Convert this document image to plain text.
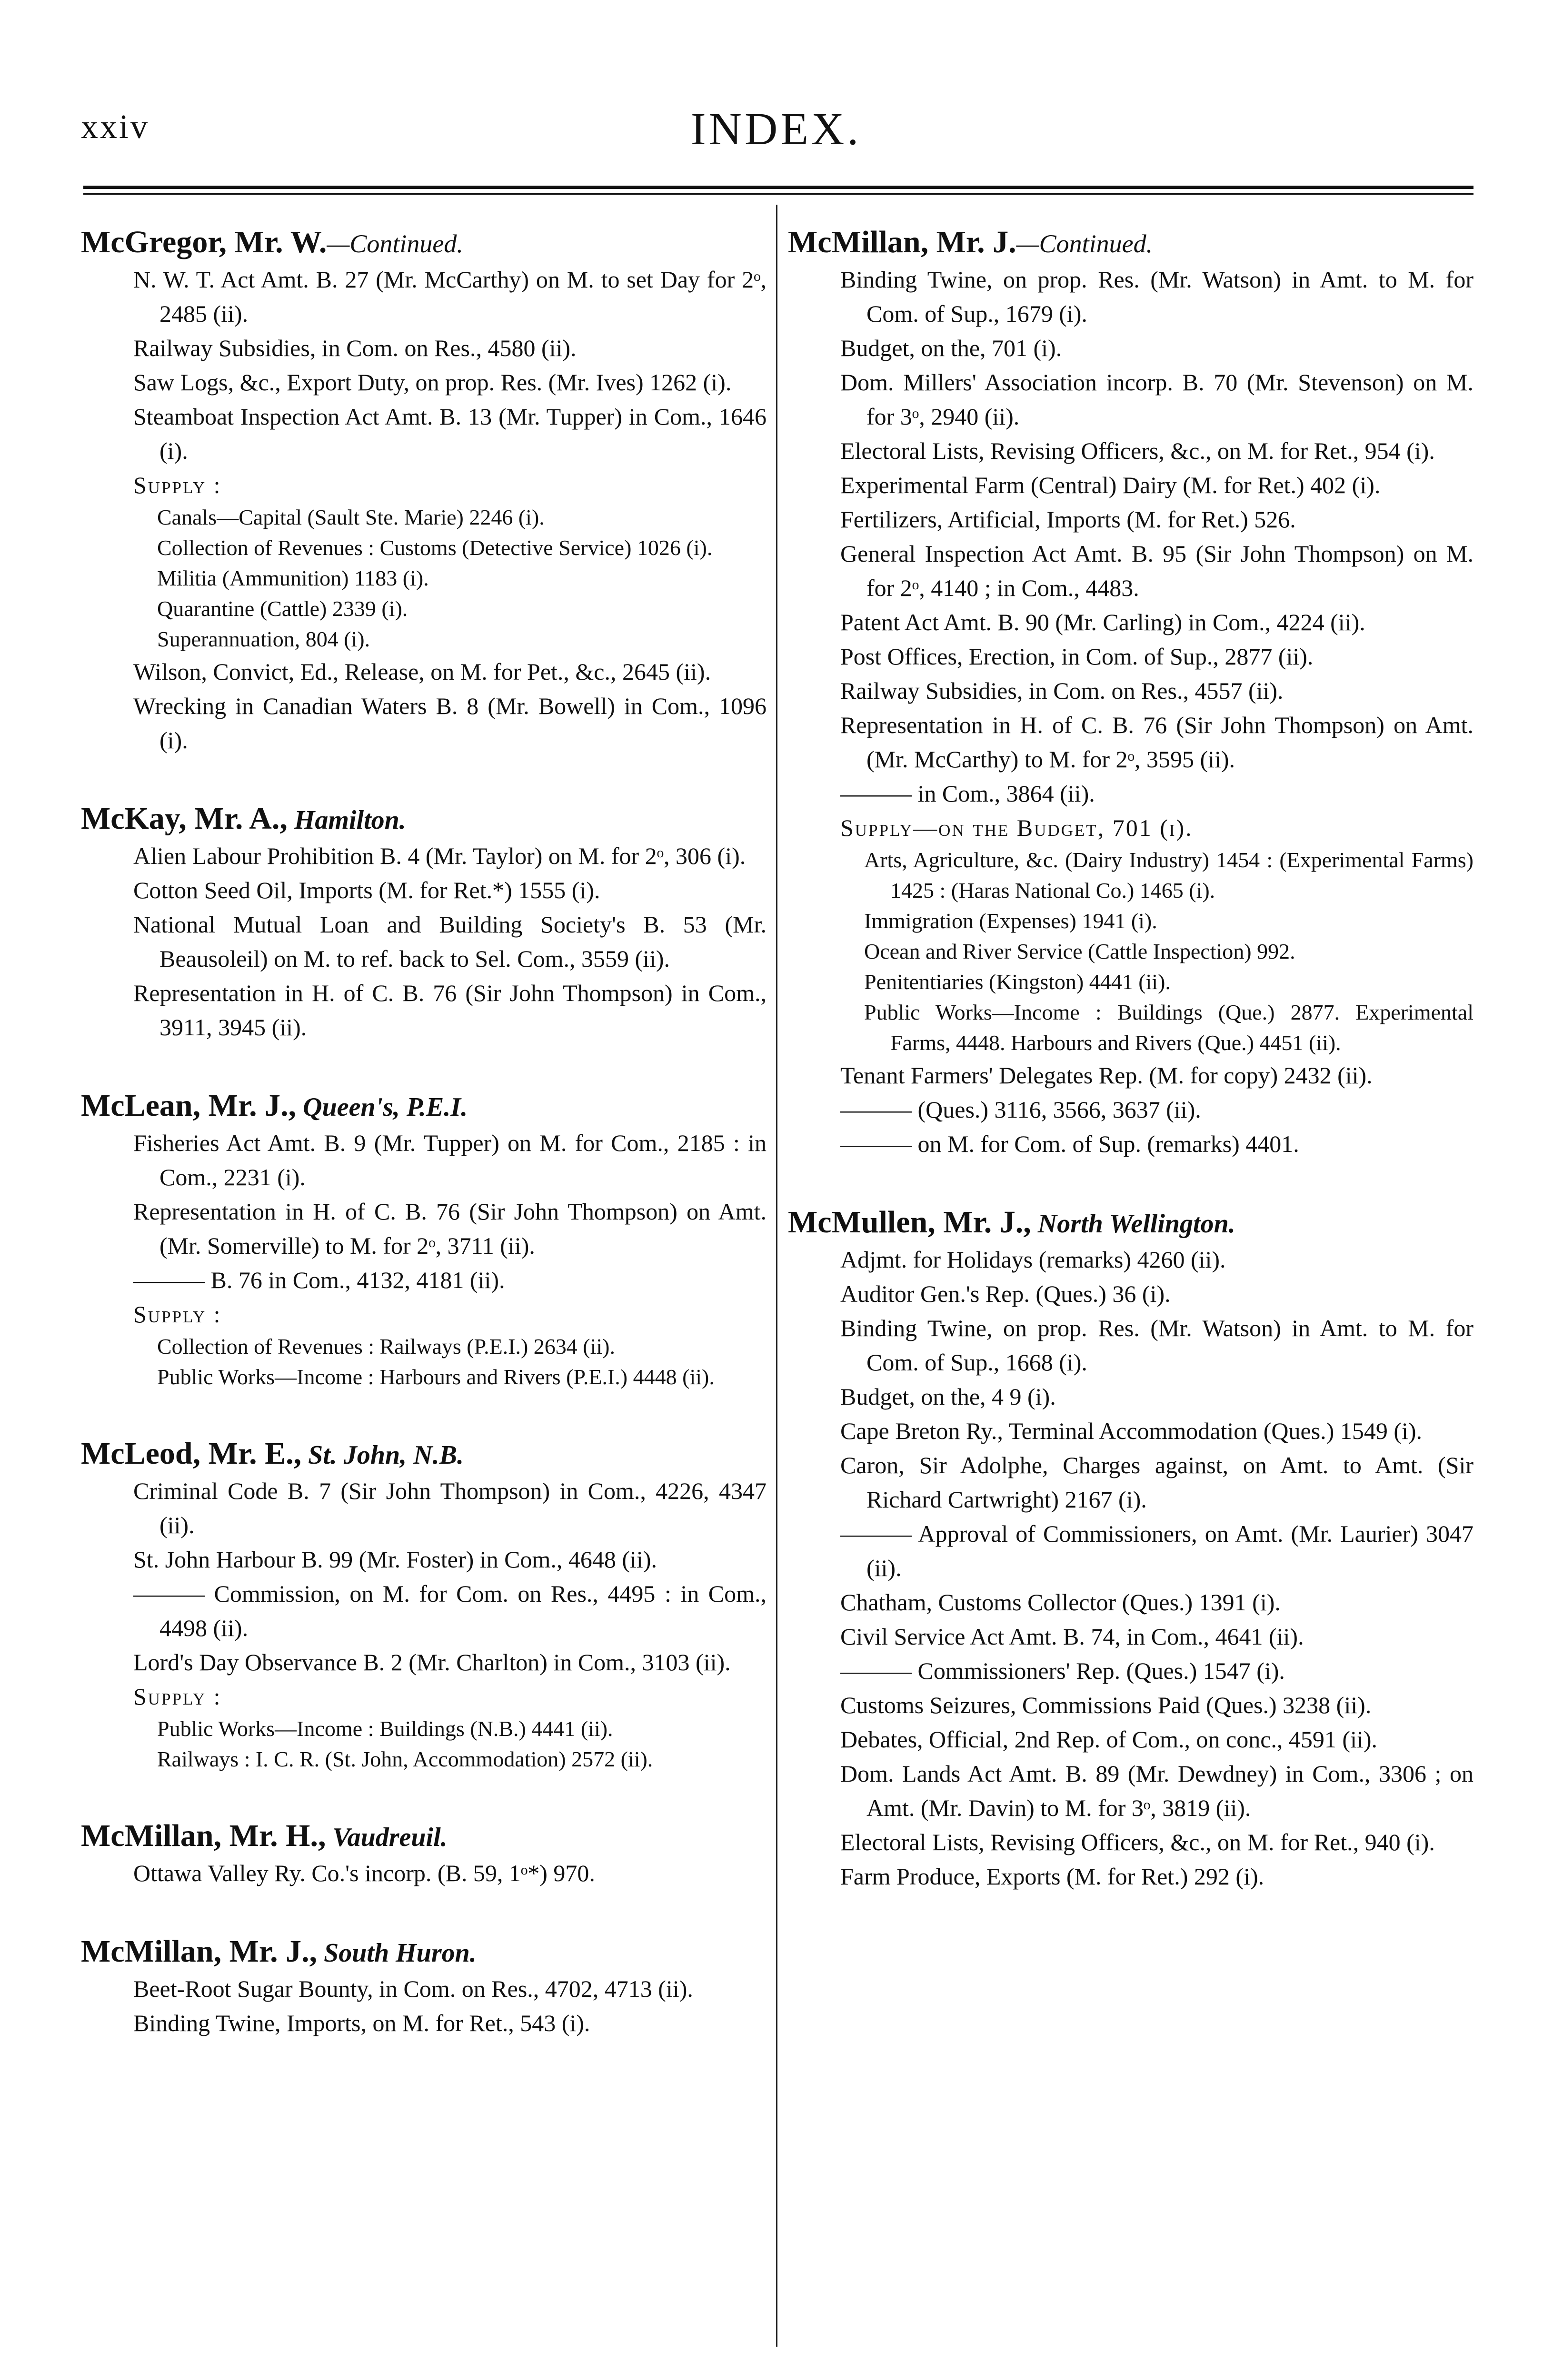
xxiv	INDEX.
McGregor, Mr. W.—Continued.
N. W. T. Act Amt. B. 27 (Mr. McCarthy) on M. to set Day for 2ᵒ, 2485 (ii).
Railway Subsidies, in Com. on Res., 4580 (ii).
Saw Logs, &c., Export Duty, on prop. Res. (Mr. Ives) 1262 (i).
Steamboat Inspection Act Amt. B. 13 (Mr. Tupper) in Com., 1646 (i).
Supply :
Canals—Capital (Sault Ste. Marie) 2246 (i).
Collection of Revenues : Customs (Detective Service) 1026 (i).
Militia (Ammunition) 1183 (i).
Quarantine (Cattle) 2339 (i).
Superannuation, 804 (i).
Wilson, Convict, Ed., Release, on M. for Pet., &c., 2645 (ii).
Wrecking in Canadian Waters B. 8 (Mr. Bowell) in Com., 1096 (i).
McKay, Mr. A., Hamilton.
Alien Labour Prohibition B. 4 (Mr. Taylor) on M. for 2ᵒ, 306 (i).
Cotton Seed Oil, Imports (M. for Ret.*) 1555 (i).
National Mutual Loan and Building Society's B. 53 (Mr. Beausoleil) on M. to ref. back to Sel. Com., 3559 (ii).
Representation in H. of C. B. 76 (Sir John Thompson) in Com., 3911, 3945 (ii).
McLean, Mr. J., Queen's, P.E.I.
Fisheries Act Amt. B. 9 (Mr. Tupper) on M. for Com., 2185 : in Com., 2231 (i).
Representation in H. of C. B. 76 (Sir John Thompson) on Amt. (Mr. Somerville) to M. for 2ᵒ, 3711 (ii).
——— B. 76 in Com., 4132, 4181 (ii).
Supply :
Collection of Revenues : Railways (P.E.I.) 2634 (ii).
Public Works—Income : Harbours and Rivers (P.E.I.) 4448 (ii).
McLeod, Mr. E., St. John, N.B.
Criminal Code B. 7 (Sir John Thompson) in Com., 4226, 4347 (ii).
St. John Harbour B. 99 (Mr. Foster) in Com., 4648 (ii).
——— Commission, on M. for Com. on Res., 4495 : in Com., 4498 (ii).
Lord's Day Observance B. 2 (Mr. Charlton) in Com., 3103 (ii).
Supply :
Public Works—Income : Buildings (N.B.) 4441 (ii).
Railways : I. C. R. (St. John, Accommodation) 2572 (ii).
McMillan, Mr. H., Vaudreuil.
Ottawa Valley Ry. Co.'s incorp. (B. 59, 1ᵒ*) 970.
McMillan, Mr. J., South Huron.
Beet-Root Sugar Bounty, in Com. on Res., 4702, 4713 (ii).
Binding Twine, Imports, on M. for Ret., 543 (i).
McMillan, Mr. J.—Continued.
Binding Twine, on prop. Res. (Mr. Watson) in Amt. to M. for Com. of Sup., 1679 (i).
Budget, on the, 701 (i).
Dom. Millers' Association incorp. B. 70 (Mr. Stevenson) on M. for 3ᵒ, 2940 (ii).
Electoral Lists, Revising Officers, &c., on M. for Ret., 954 (i).
Experimental Farm (Central) Dairy (M. for Ret.) 402 (i).
Fertilizers, Artificial, Imports (M. for Ret.) 526.
General Inspection Act Amt. B. 95 (Sir John Thompson) on M. for 2ᵒ, 4140 ; in Com., 4483.
Patent Act Amt. B. 90 (Mr. Carling) in Com., 4224 (ii).
Post Offices, Erection, in Com. of Sup., 2877 (ii).
Railway Subsidies, in Com. on Res., 4557 (ii).
Representation in H. of C. B. 76 (Sir John Thompson) on Amt. (Mr. McCarthy) to M. for 2ᵒ, 3595 (ii).
——— in Com., 3864 (ii).
Supply—on the Budget, 701 (i).
Arts, Agriculture, &c. (Dairy Industry) 1454 : (Experimental Farms) 1425 : (Haras National Co.) 1465 (i).
Immigration (Expenses) 1941 (i).
Ocean and River Service (Cattle Inspection) 992.
Penitentiaries (Kingston) 4441 (ii).
Public Works—Income : Buildings (Que.) 2877. Experimental Farms, 4448. Harbours and Rivers (Que.) 4451 (ii).
Tenant Farmers' Delegates Rep. (M. for copy) 2432 (ii).
——— (Ques.) 3116, 3566, 3637 (ii).
——— on M. for Com. of Sup. (remarks) 4401.
McMullen, Mr. J., North Wellington.
Adjmt. for Holidays (remarks) 4260 (ii).
Auditor Gen.'s Rep. (Ques.) 36 (i).
Binding Twine, on prop. Res. (Mr. Watson) in Amt. to M. for Com. of Sup., 1668 (i).
Budget, on the, 4 9 (i).
Cape Breton Ry., Terminal Accommodation (Ques.) 1549 (i).
Caron, Sir Adolphe, Charges against, on Amt. to Amt. (Sir Richard Cartwright) 2167 (i).
——— Approval of Commissioners, on Amt. (Mr. Laurier) 3047 (ii).
Chatham, Customs Collector (Ques.) 1391 (i).
Civil Service Act Amt. B. 74, in Com., 4641 (ii).
——— Commissioners' Rep. (Ques.) 1547 (i).
Customs Seizures, Commissions Paid (Ques.) 3238 (ii).
Debates, Official, 2nd Rep. of Com., on conc., 4591 (ii).
Dom. Lands Act Amt. B. 89 (Mr. Dewdney) in Com., 3306 ; on Amt. (Mr. Davin) to M. for 3ᵒ, 3819 (ii).
Electoral Lists, Revising Officers, &c., on M. for Ret., 940 (i).
Farm Produce, Exports (M. for Ret.) 292 (i).
